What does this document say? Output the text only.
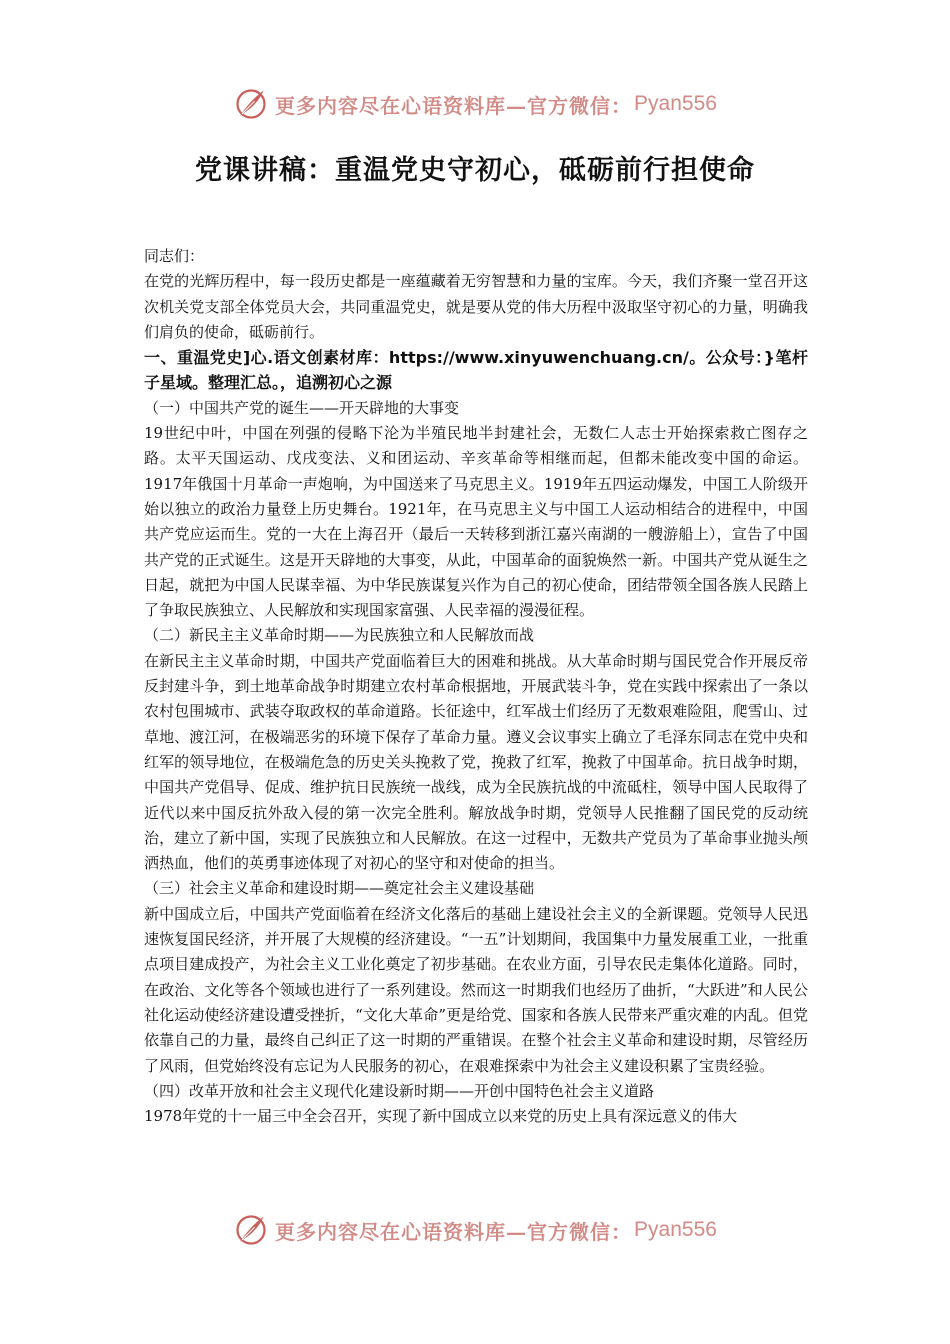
更多内容尽在心语资料库—官方微信： Pyan556
党课讲稿：重温党史守初心，砥砺前行担使命

同志们：

在党的光辉历程中，每一段历史都是一座蕴藏着无穷智慧和力量的宝库。今天，我们齐聚一堂召开这次机关党支部全体党员大会，共同重温党史，就是要从党的伟大历程中汲取坚守初心的力量，明确我们肩负的使命，砥砺前行。

一、重温党史]心.语文创素材库：https://www.xinyuwenchuang.cn/。公众号：}笔杆子星域。整理汇总。，追溯初心之源

（一）中国共产党的诞生——开天辟地的大事变

19世纪中叶，中国在列强的侵略下沦为半殖民地半封建社会，无数仁人志士开始探索救亡图存之路。太平天国运动、戊戌变法、义和团运动、辛亥革命等相继而起，但都未能改变中国的命运。1917年俄国十月革命一声炮响，为中国送来了马克思主义。1919年五四运动爆发，中国工人阶级开始以独立的政治力量登上历史舞台。1921年，在马克思主义与中国工人运动相结合的进程中，中国共产党应运而生。党的一大在上海召开（最后一天转移到浙江嘉兴南湖的一艘游船上），宣告了中国共产党的正式诞生。这是开天辟地的大事变，从此，中国革命的面貌焕然一新。中国共产党从诞生之日起，就把为中国人民谋幸福、为中华民族谋复兴作为自己的初心使命，团结带领全国各族人民踏上了争取民族独立、人民解放和实现国家富强、人民幸福的漫漫征程。

（二）新民主主义革命时期——为民族独立和人民解放而战

在新民主主义革命时期，中国共产党面临着巨大的困难和挑战。从大革命时期与国民党合作开展反帝反封建斗争，到土地革命战争时期建立农村革命根据地，开展武装斗争，党在实践中探索出了一条以农村包围城市、武装夺取政权的革命道路。长征途中，红军战士们经历了无数艰难险阻，爬雪山、过草地、渡江河，在极端恶劣的环境下保存了革命力量。遵义会议事实上确立了毛泽东同志在党中央和红军的领导地位，在极端危急的历史关头挽救了党，挽救了红军，挽救了中国革命。抗日战争时期，中国共产党倡导、促成、维护抗日民族统一战线，成为全民族抗战的中流砥柱，领导中国人民取得了近代以来中国反抗外敌入侵的第一次完全胜利。解放战争时期，党领导人民推翻了国民党的反动统治，建立了新中国，实现了民族独立和人民解放。在这一过程中，无数共产党员为了革命事业抛头颅洒热血，他们的英勇事迹体现了对初心的坚守和对使命的担当。

（三）社会主义革命和建设时期——奠定社会主义建设基础

新中国成立后，中国共产党面临着在经济文化落后的基础上建设社会主义的全新课题。党领导人民迅速恢复国民经济，并开展了大规模的经济建设。“一五”计划期间，我国集中力量发展重工业，一批重点项目建成投产，为社会主义工业化奠定了初步基础。在农业方面，引导农民走集体化道路。同时，在政治、文化等各个领域也进行了一系列建设。然而这一时期我们也经历了曲折，“大跃进”和人民公社化运动使经济建设遭受挫折，“文化大革命”更是给党、国家和各族人民带来严重灾难的内乱。但党依靠自己的力量，最终自己纠正了这一时期的严重错误。在整个社会主义革命和建设时期，尽管经历了风雨，但党始终没有忘记为人民服务的初心，在艰难探索中为社会主义建设积累了宝贵经验。

（四）改革开放和社会主义现代化建设新时期——开创中国特色社会主义道路

1978年党的十一届三中全会召开，实现了新中国成立以来党的历史上具有深远意义的伟大

更多内容尽在心语资料库—官方微信： Pyan556
